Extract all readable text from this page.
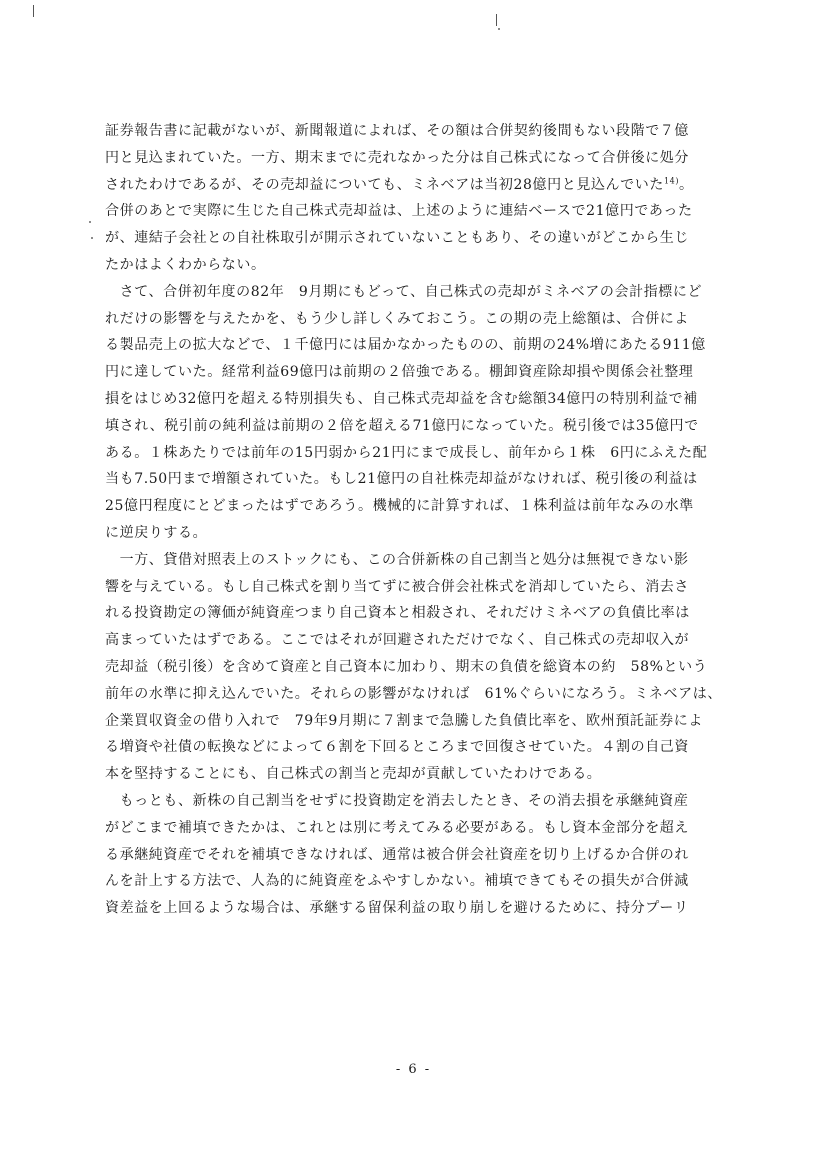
証券報告書に記載がないが、新聞報道によれば、その額は合併契約後間もない段階で７億
円と見込まれていた。一方、期末までに売れなかった分は自己株式になって合併後に処分
されたわけであるが、その売却益についても、ミネベアは当初28億円と見込んでいた$^{14)}$。
合併のあとで実際に生じた自己株式売却益は、上述のように連結ベースで21億円であった
が、連結子会社との自社株取引が開示されていないこともあり、その違いがどこから生じ
たかはよくわからない。
　さて、合併初年度の82年　9月期にもどって、自己株式の売却がミネベアの会計指標にど
れだけの影響を与えたかを、もう少し詳しくみておこう。この期の売上総額は、合併によ
る製品売上の拡大などで、１千億円には届かなかったものの、前期の24%増にあたる911億
円に達していた。経常利益69億円は前期の２倍強である。棚卸資産除却損や関係会社整理
損をはじめ32億円を超える特別損失も、自己株式売却益を含む総額34億円の特別利益で補
填され、税引前の純利益は前期の２倍を超える71億円になっていた。税引後では35億円で
ある。１株あたりでは前年の15円弱から21円にまで成長し、前年から１株　6円にふえた配
当も7.50円まで増額されていた。もし21億円の自社株売却益がなければ、税引後の利益は
25億円程度にとどまったはずであろう。機械的に計算すれば、１株利益は前年なみの水準
に逆戻りする。
　一方、貸借対照表上のストックにも、この合併新株の自己割当と処分は無視できない影
響を与えている。もし自己株式を割り当てずに被合併会社株式を消却していたら、消去さ
れる投資勘定の簿価が純資産つまり自己資本と相殺され、それだけミネベアの負債比率は
高まっていたはずである。ここではそれが回避されただけでなく、自己株式の売却収入が
売却益（税引後）を含めて資産と自己資本に加わり、期末の負債を総資本の約　58%という
前年の水準に抑え込んでいた。それらの影響がなければ　61%ぐらいになろう。ミネベアは、
企業買収資金の借り入れで　79年9月期に７割まで急騰した負債比率を、欧州預託証券によ
る増資や社債の転換などによって６割を下回るところまで回復させていた。４割の自己資
本を堅持することにも、自己株式の割当と売却が貢献していたわけである。
　もっとも、新株の自己割当をせずに投資勘定を消去したとき、その消去損を承継純資産
がどこまで補填できたかは、これとは別に考えてみる必要がある。もし資本金部分を超え
る承継純資産でそれを補填できなければ、通常は被合併会社資産を切り上げるか合併のれ
んを計上する方法で、人為的に純資産をふやすしかない。補填できてもその損失が合併減
資差益を上回るような場合は、承継する留保利益の取り崩しを避けるために、持分プーリ
- 6 -
